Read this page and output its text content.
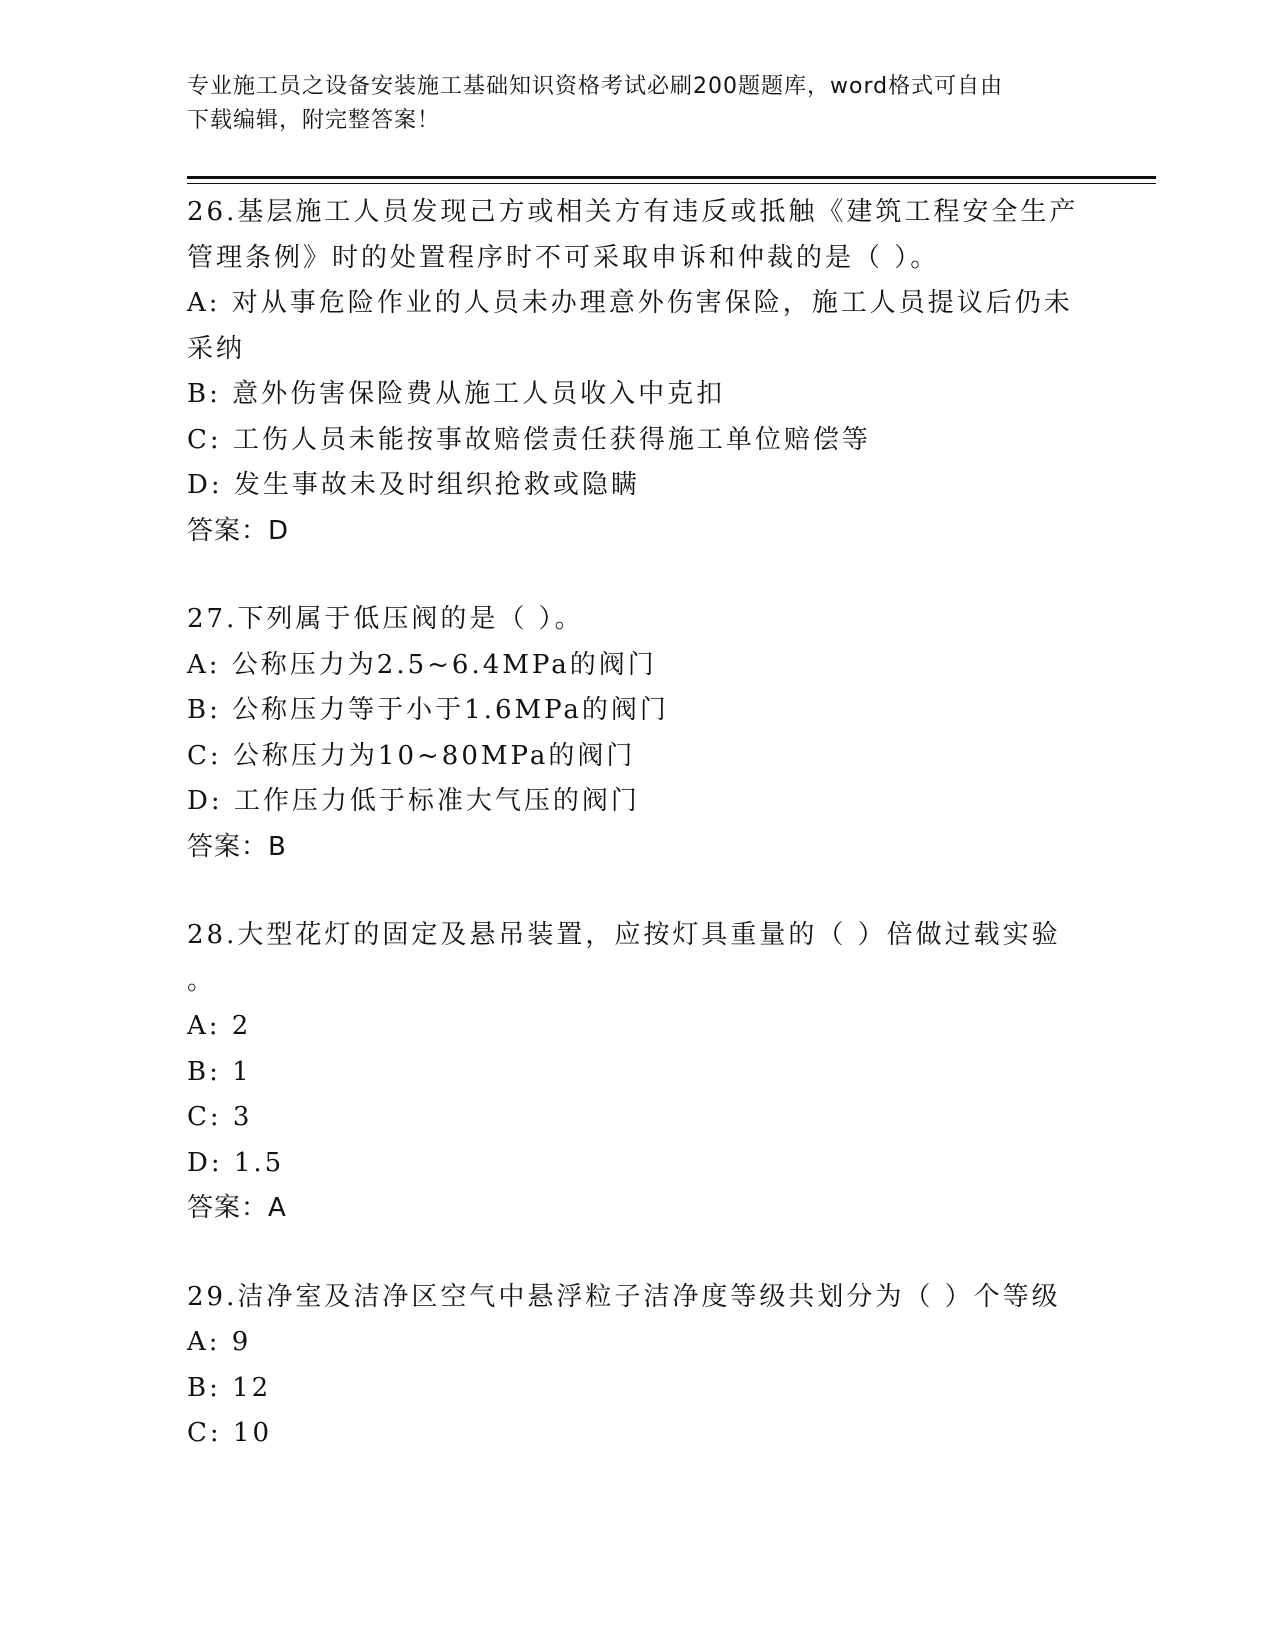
专业施工员之设备安装施工基础知识资格考试必刷200题题库，word格式可自由
下载编辑，附完整答案！
26.基层施工人员发现己方或相关方有违反或抵触《建筑工程安全生产
管理条例》时的处置程序时不可采取申诉和仲裁的是（ ）。
A: 对从事危险作业的人员未办理意外伤害保险，施工人员提议后仍未
采纳
B: 意外伤害保险费从施工人员收入中克扣
C: 工伤人员未能按事故赔偿责任获得施工单位赔偿等
D: 发生事故未及时组织抢救或隐瞒
答案：D
27.下列属于低压阀的是（ ）。
A: 公称压力为2.5~6.4MPa的阀门
B: 公称压力等于小于1.6MPa的阀门
C: 公称压力为10~80MPa的阀门
D: 工作压力低于标准大气压的阀门
答案：B
28.大型花灯的固定及悬吊装置，应按灯具重量的（ ）倍做过载实验
。
A: 2
B: 1
C: 3
D: 1.5
答案：A
29.洁净室及洁净区空气中悬浮粒子洁净度等级共划分为（ ）个等级
A: 9
B: 12
C: 10
